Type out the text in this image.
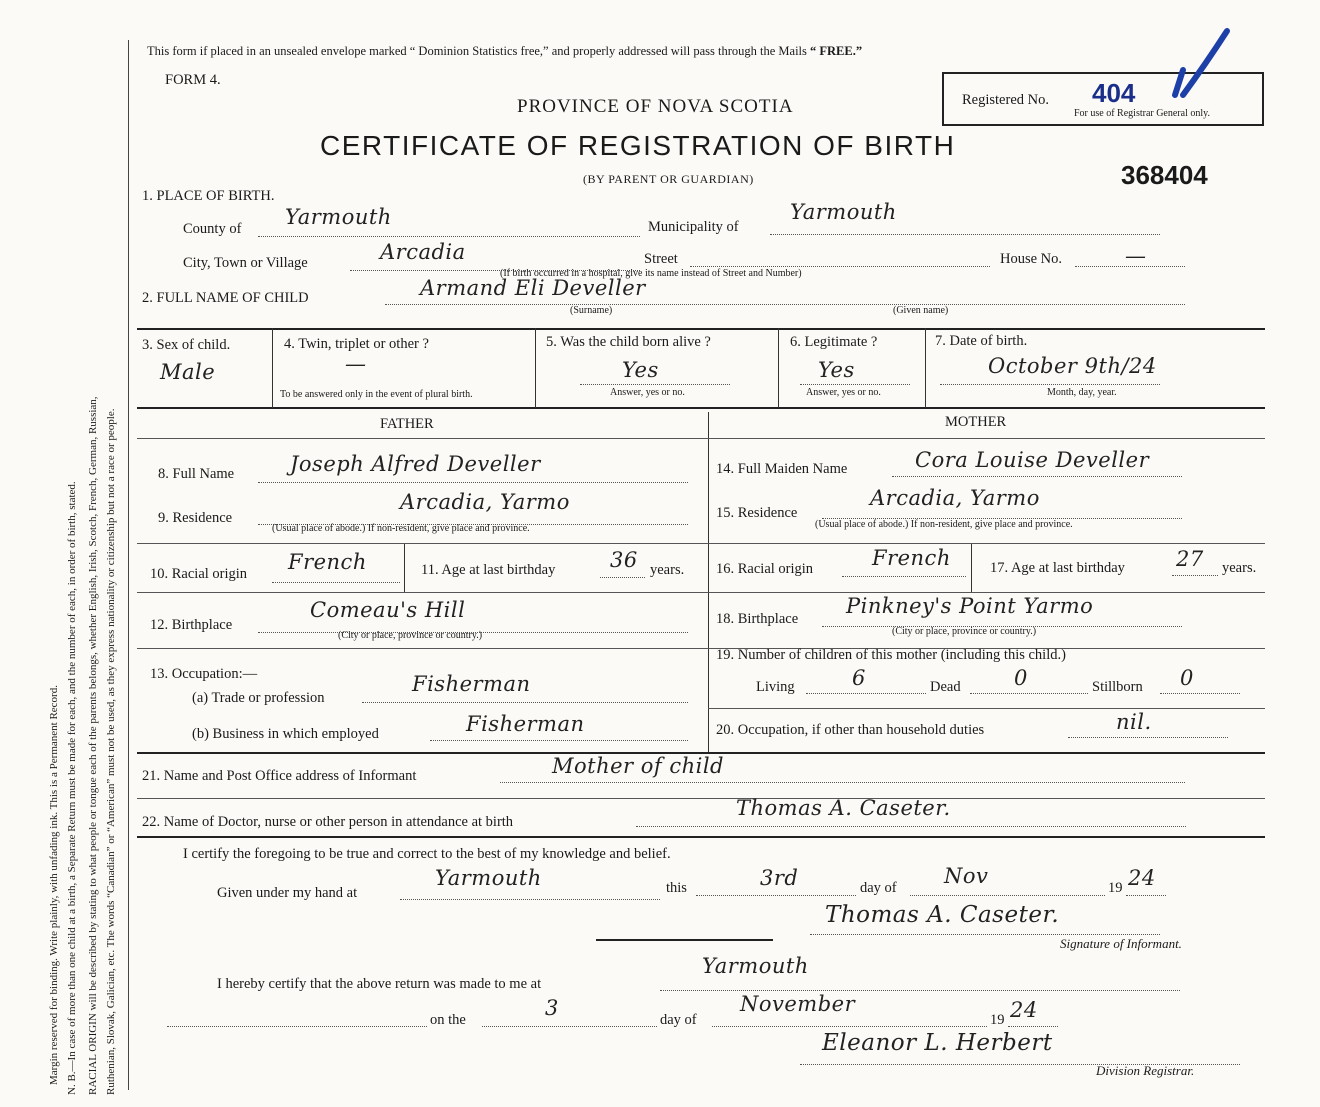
Margin reserved for binding. Write plainly, with unfading ink. This is a Permanent Record. N. B.—In case of more than one child at a birth, a Separate Return must be made for each, and the number of each, in order of birth, stated. RACIAL ORIGIN will be described by stating to what people or tongue each of the parents belongs, whether English, Irish, Scotch, French, German, Russian, Ruthenian, Slovak, Galician, etc. The words “Canadian” or “American” must not be used, as they express nationality or citizenship but not a race or people.
This form if placed in an unsealed envelope marked “ Dominion Statistics free,” and properly addressed will pass through the Mails “ FREE.”
FORM 4.
PROVINCE OF NOVA SCOTIA
CERTIFICATE OF REGISTRATION OF BIRTH
(BY PARENT OR GUARDIAN)
Registered No. 404
For use of Registrar General only.
368404
1. PLACE OF BIRTH.
County of Yarmouth	Municipality of
Yarmouth
City, Town or Village	Arcadia	Street	House No.	—
(If birth occurred in a hospital, give its name instead of Street and Number)
2. FULL NAME OF CHILD	Armand Eli Develler
(Surname)	(Given name)
3. Sex of child.
Male
4. Twin, triplet or other ?
—
To be answered only in the event of plural birth.
5. Was the child born alive ?
Yes
Answer, yes or no.
6. Legitimate ?
Yes
Answer, yes or no.
7. Date of birth.
October 9th/24
Month, day, year.
FATHER	MOTHER
8. Full Name	Joseph Alfred Develler
9. Residence
Arcadia, Yarmo
(Usual place of abode.) If non-resident, give place and province.
10. Racial origin French	11. Age at last birthday	36 years.
12. Birthplace
Comeau's Hill
(City or place, province or country.)
13. Occupation:—
(a) Trade or profession
Fisherman
(b) Business in which employed	Fisherman
14. Full Maiden Name	Cora Louise Develler
15. Residence
Arcadia, Yarmo
(Usual place of abode.) If non-resident, give place and province.
16. Racial origin	French	17. Age at last birthday 27 years.
18. Birthplace
Pinkney's Point Yarmo
(City or place, province or country.)
19. Number of children of this mother (including this child.)
Living	6	Dead	0	Stillborn 0
20. Occupation, if other than household duties	nil.
21. Name and Post Office address of Informant	Mother of child
22. Name of Doctor, nurse or other person in attendance at birth
Thomas A. Caseter.
I certify the foregoing to be true and correct to the best of my knowledge and belief.
Given under my hand at
Yarmouth	this	3rd	day of Nov	19 24
Thomas A. Caseter.
Signature of Informant.
I hereby certify that the above return was made to me at
Yarmouth
on the	3	day of
November
19 24
Eleanor L. Herbert
Division Registrar.
